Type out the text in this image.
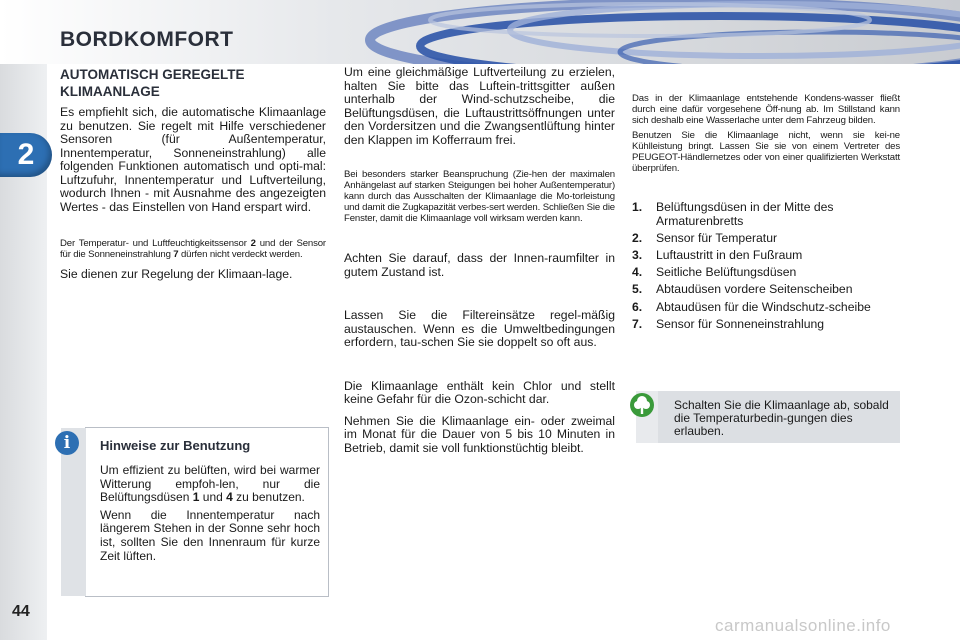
BORDKOMFORT
2
44
AUTOMATISCH GEREGELTE KLIMAANLAGE

Es empfiehlt sich, die automatische Klimaanlage zu benutzen. Sie regelt mit Hilfe verschiedener Sensoren (für Außentemperatur, Innentemperatur, Sonneneinstrahlung) alle folgenden Funktionen automatisch und opti-mal: Luftzufuhr, Innentemperatur und Luftverteilung, wodurch Ihnen - mit Ausnahme des angezeigten Wertes - das Einstellen von Hand erspart wird.

Der Temperatur- und Luftfeuchtigkeitssensor 2 und der Sensor für die Sonneneinstrahlung 7 dürfen nicht verdeckt werden.

Sie dienen zur Regelung der Klimaan-lage.

i	Hinweise zur Benutzung

Um effizient zu belüften, wird bei warmer Witterung empfoh-len, nur die Belüftungsdüsen 1 und 4 zu benutzen.

Wenn die Innentemperatur nach längerem Stehen in der Sonne sehr hoch ist, sollten Sie den Innenraum für kurze Zeit lüften.

Um eine gleichmäßige Luftverteilung zu erzielen, halten Sie bitte das Luftein-trittsgitter außen unterhalb der Wind-schutzscheibe, die Belüftungsdüsen, die Luftaustrittsöffnungen unter den Vordersitzen und die Zwangsentlüftung hinter den Klappen im Kofferraum frei.

Bei besonders starker Beanspruchung (Zie-hen der maximalen Anhängelast auf starken Steigungen bei hoher Außentemperatur) kann durch das Ausschalten der Klimaanlage die Mo-torleistung und damit die Zugkapazität verbes-sert werden. Schließen Sie die Fenster, damit die Klimaanlage voll wirksam werden kann.

Achten Sie darauf, dass der Innen-raumfilter in gutem Zustand ist.

Lassen Sie die Filtereinsätze regel-mäßig austauschen. Wenn es die Umweltbedingungen erfordern, tau-schen Sie sie doppelt so oft aus.

Die Klimaanlage enthält kein Chlor und stellt keine Gefahr für die Ozon-schicht dar.

Nehmen Sie die Klimaanlage ein- oder zweimal im Monat für die Dauer von 5 bis 10 Minuten in Betrieb, damit sie voll funktionstüchtig bleibt.

Das in der Klimaanlage entstehende Kondens-wasser fließt durch eine dafür vorgesehene Öff-nung ab. Im Stillstand kann sich deshalb eine Wasserlache unter dem Fahrzeug bilden.

Benutzen Sie die Klimaanlage nicht, wenn sie kei-ne Kühlleistung bringt. Lassen Sie sie von einem Vertreter des PEUGEOT-Händlernetzes oder von einer qualifizierten Werkstatt überprüfen.

1.	Belüftungsdüsen in der Mitte des Armaturenbretts
2.	Sensor für Temperatur
3.	Luftaustritt in den Fußraum
4.	Seitliche Belüftungsdüsen
5.	Abtaudüsen vordere Seitenscheiben
6.	Abtaudüsen für die Windschutz-scheibe
7.	Sensor für Sonneneinstrahlung
Schalten Sie die Klimaanlage ab, sobald die Temperaturbedin-gungen dies erlauben.
carmanualsonline.info
